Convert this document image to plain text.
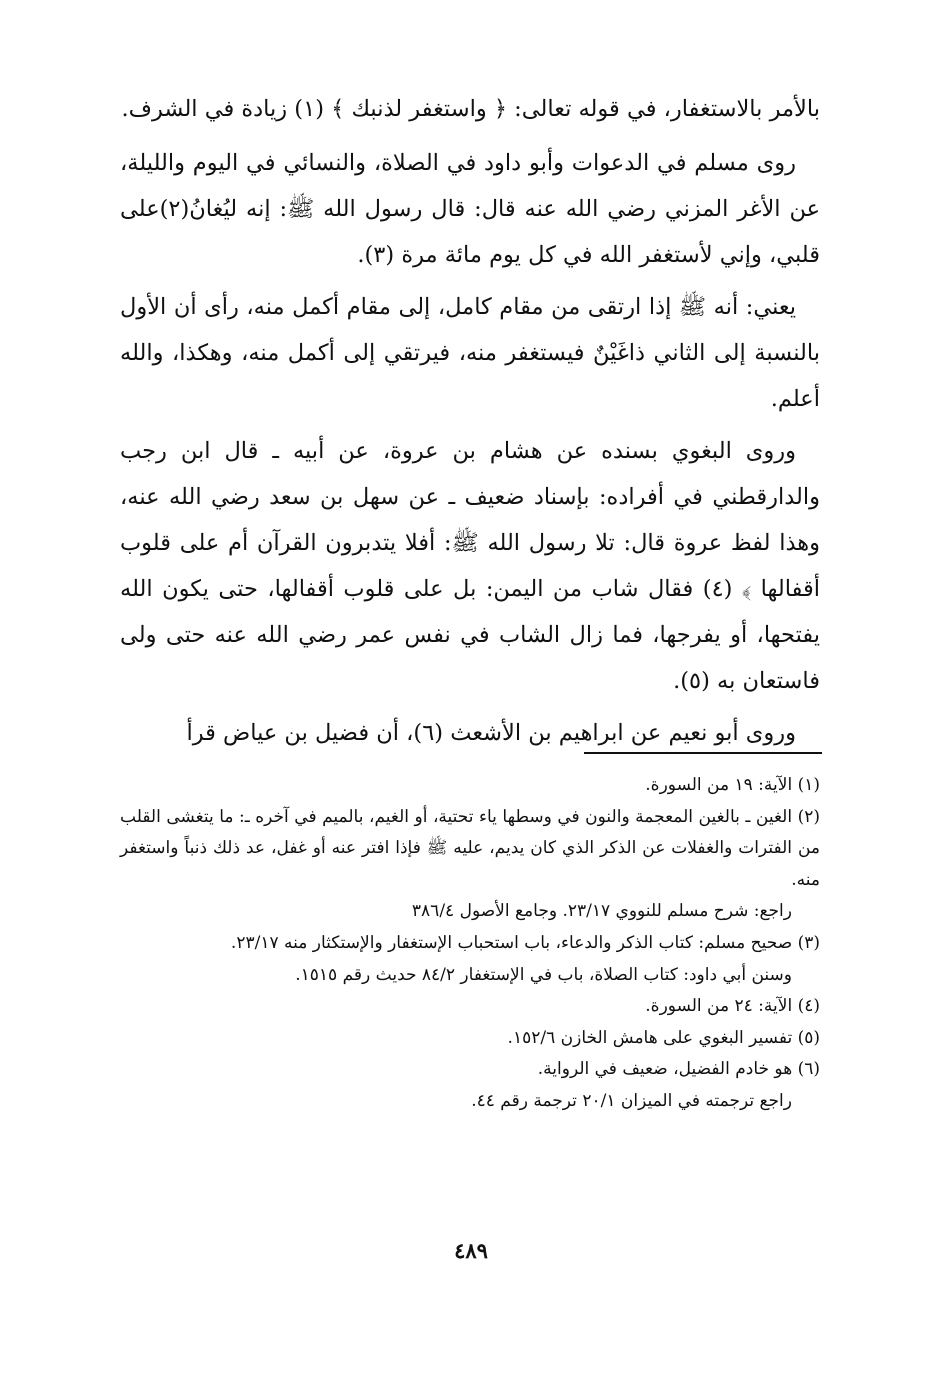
بالأمر بالاستغفار، في قوله تعالى: ﴿ واستغفر لذنبك ﴾ (١) زيادة في الشرف.

روى مسلم في الدعوات وأبو داود في الصلاة، والنسائي في اليوم والليلة، عن الأغر المزني رضي الله عنه قال: قال رسول الله ﷺ: إنه ليُغانُ(٢)على قلبي، وإني لأستغفر الله في كل يوم مائة مرة (٣).

يعني: أنه ﷺ إذا ارتقى من مقام كامل، إلى مقام أكمل منه، رأى أن الأول بالنسبة إلى الثاني ذاغَيْنٌ فيستغفر منه، فيرتقي إلى أكمل منه، وهكذا، والله أعلم.

وروى البغوي بسنده عن هشام بن عروة، عن أبيه ـ قال ابن رجب والدارقطني في أفراده: بإسناد ضعيف ـ عن سهل بن سعد رضي الله عنه، وهذا لفظ عروة قال: تلا رسول الله ﷺ: أفلا يتدبرون القرآن أم على قلوب أقفالها ﴾ (٤) فقال شاب من اليمن: بل على قلوب أقفالها، حتى يكون الله يفتحها، أو يفرجها، فما زال الشاب في نفس عمر رضي الله عنه حتى ولى فاستعان به (٥).

وروى أبو نعيم عن ابراهيم بن الأشعث (٦)، أن فضيل بن عياض قرأ

(١) الآية: ١٩ من السورة.

(٢) الغين ـ بالغين المعجمة والنون في وسطها ياء تحتية، أو الغيم، بالميم في آخره ـ: ما يتغشى القلب من الفترات والغفلات عن الذكر الذي كان يديم، عليه ﷺ فإذا افتر عنه أو غفل، عد ذلك ذنباً واستغفر منه.

راجع: شرح مسلم للنووي ٢٣/١٧. وجامع الأصول ٣٨٦/٤

(٣) صحيح مسلم: كتاب الذكر والدعاء، باب استحباب الإستغفار والإستكثار منه ٢٣/١٧.

وسنن أبي داود: كتاب الصلاة، باب في الإستغفار ٨٤/٢ حديث رقم ١٥١٥.

(٤) الآية: ٢٤ من السورة.

(٥) تفسير البغوي على هامش الخازن ١٥٢/٦.

(٦) هو خادم الفضيل، ضعيف في الرواية.

راجع ترجمته في الميزان ٢٠/١ ترجمة رقم ٤٤.

٤٨٩
